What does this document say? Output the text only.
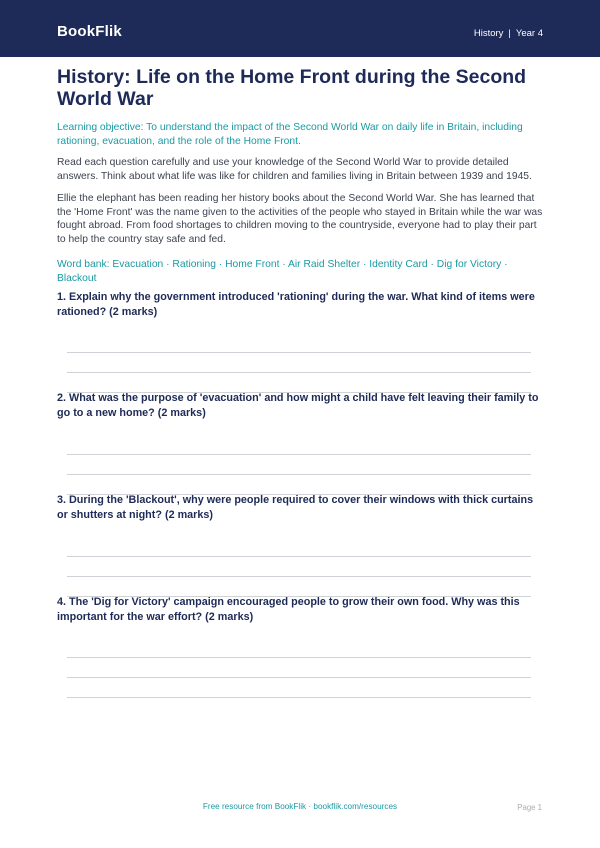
BookFlik	History | Year 4
History: Life on the Home Front during the Second World War

Learning objective: To understand the impact of the Second World War on daily life in Britain, including rationing, evacuation, and the role of the Home Front.

Read each question carefully and use your knowledge of the Second World War to provide detailed answers. Think about what life was like for children and families living in Britain between 1939 and 1945.

Ellie the elephant has been reading her history books about the Second World War. She has learned that the 'Home Front' was the name given to the activities of the people who stayed in Britain while the war was fought abroad. From food shortages to children moving to the countryside, everyone had to play their part to help the country stay safe and fed.

Word bank: Evacuation · Rationing · Home Front · Air Raid Shelter · Identity Card · Dig for Victory · Blackout

1. Explain why the government introduced 'rationing' during the war. What kind of items were rationed? (2 marks)

2. What was the purpose of 'evacuation' and how might a child have felt leaving their family to go to a new home? (2 marks)

3. During the 'Blackout', why were people required to cover their windows with thick curtains or shutters at night? (2 marks)

4. The 'Dig for Victory' campaign encouraged people to grow their own food. Why was this important for the war effort? (2 marks)

Free resource from BookFlik · bookflik.com/resources	Page 1
